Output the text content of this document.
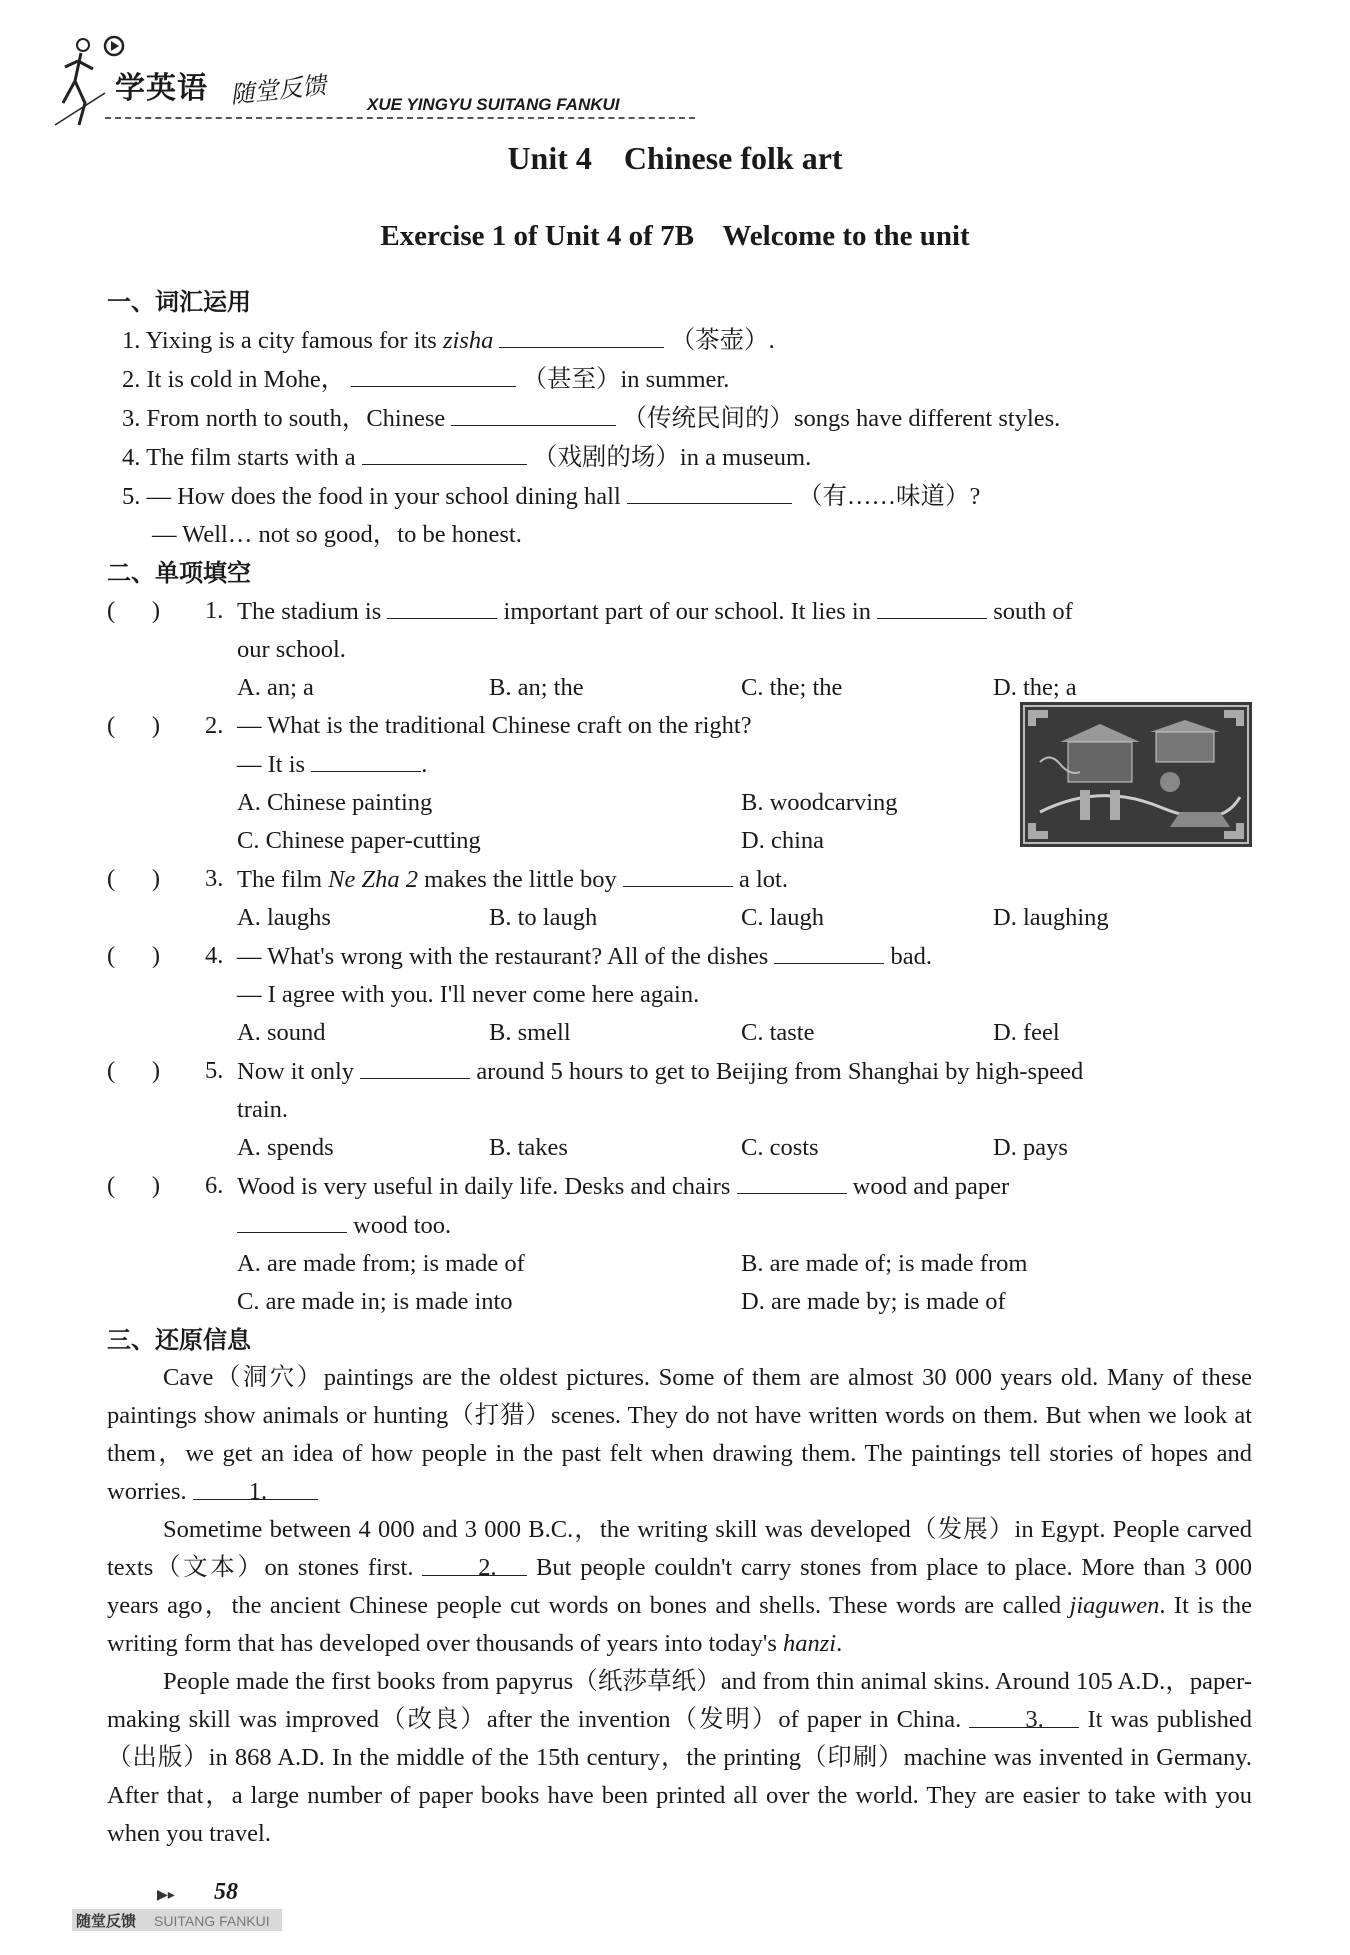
学英语 随堂反馈 XUE YINGYU SUITANG FANKUI
Unit 4    Chinese folk art
Exercise 1 of Unit 4 of 7B    Welcome to the unit
一、词汇运用
1. Yixing is a city famous for its zisha	（茶壶）.
2. It is cold in Mohe，	（甚至）in summer.
3. From north to south，Chinese	（传统民间的）songs have different styles.
4. The film starts with a	（戏剧的场）in a museum.
5. — How does the food in your school dining hall	（有……味道）?
— Well… not so good，to be honest.
二、单项填空
(      )	1. The stadium is	important part of our school. It lies in	south of
our school.
A. an; a	B. an; the	C. the; the	D. the; a
(      )	2. — What is the traditional Chinese craft on the right?
— It is	.
A. Chinese painting	B. woodcarving
C. Chinese paper-cutting	D. china
(      )	3. The film Ne Zha 2 makes the little boy	a lot.
A. laughs	B. to laugh	C. laugh	D. laughing
(      )	4. — What's wrong with the restaurant? All of the dishes	bad.
— I agree with you. I'll never come here again.
A. sound	B. smell	C. taste	D. feel
(      )	5. Now it only	around 5 hours to get to Beijing from Shanghai by high-speed
train.
A. spends	B. takes	C. costs	D. pays
(      )	6. Wood is very useful in daily life. Desks and chairs	wood and paper
wood too.
A. are made from; is made of	B. are made of; is made from
C. are made in; is made into	D. are made by; is made of
三、还原信息
Cave（洞穴）paintings are the oldest pictures. Some of them are almost 30 000 years old. Many of these paintings show animals or hunting（打猎）scenes. They do not have written words on them. But when we look at them，we get an idea of how people in the past felt when drawing them. The paintings tell stories of hopes and worries. 1.
Sometime between 4 000 and 3 000 B.C.，the writing skill was developed（发展）in Egypt. People carved texts（文本）on stones first. 2. But people couldn't carry stones from place to place. More than 3 000 years ago，the ancient Chinese people cut words on bones and shells. These words are called jiaguwen. It is the writing form that has developed over thousands of years into today's hanzi.
People made the first books from papyrus（纸莎草纸）and from thin animal skins. Around 105 A.D.，paper-making skill was improved（改良）after the invention（发明）of paper in China. 3. It was published（出版）in 868 A.D. In the middle of the 15th century，the printing（印刷）machine was invented in Germany. After that，a large number of paper books have been printed all over the world. They are easier to take with you when you travel.
▶▸ 58
随堂反馈 SUITANG FANKUI
